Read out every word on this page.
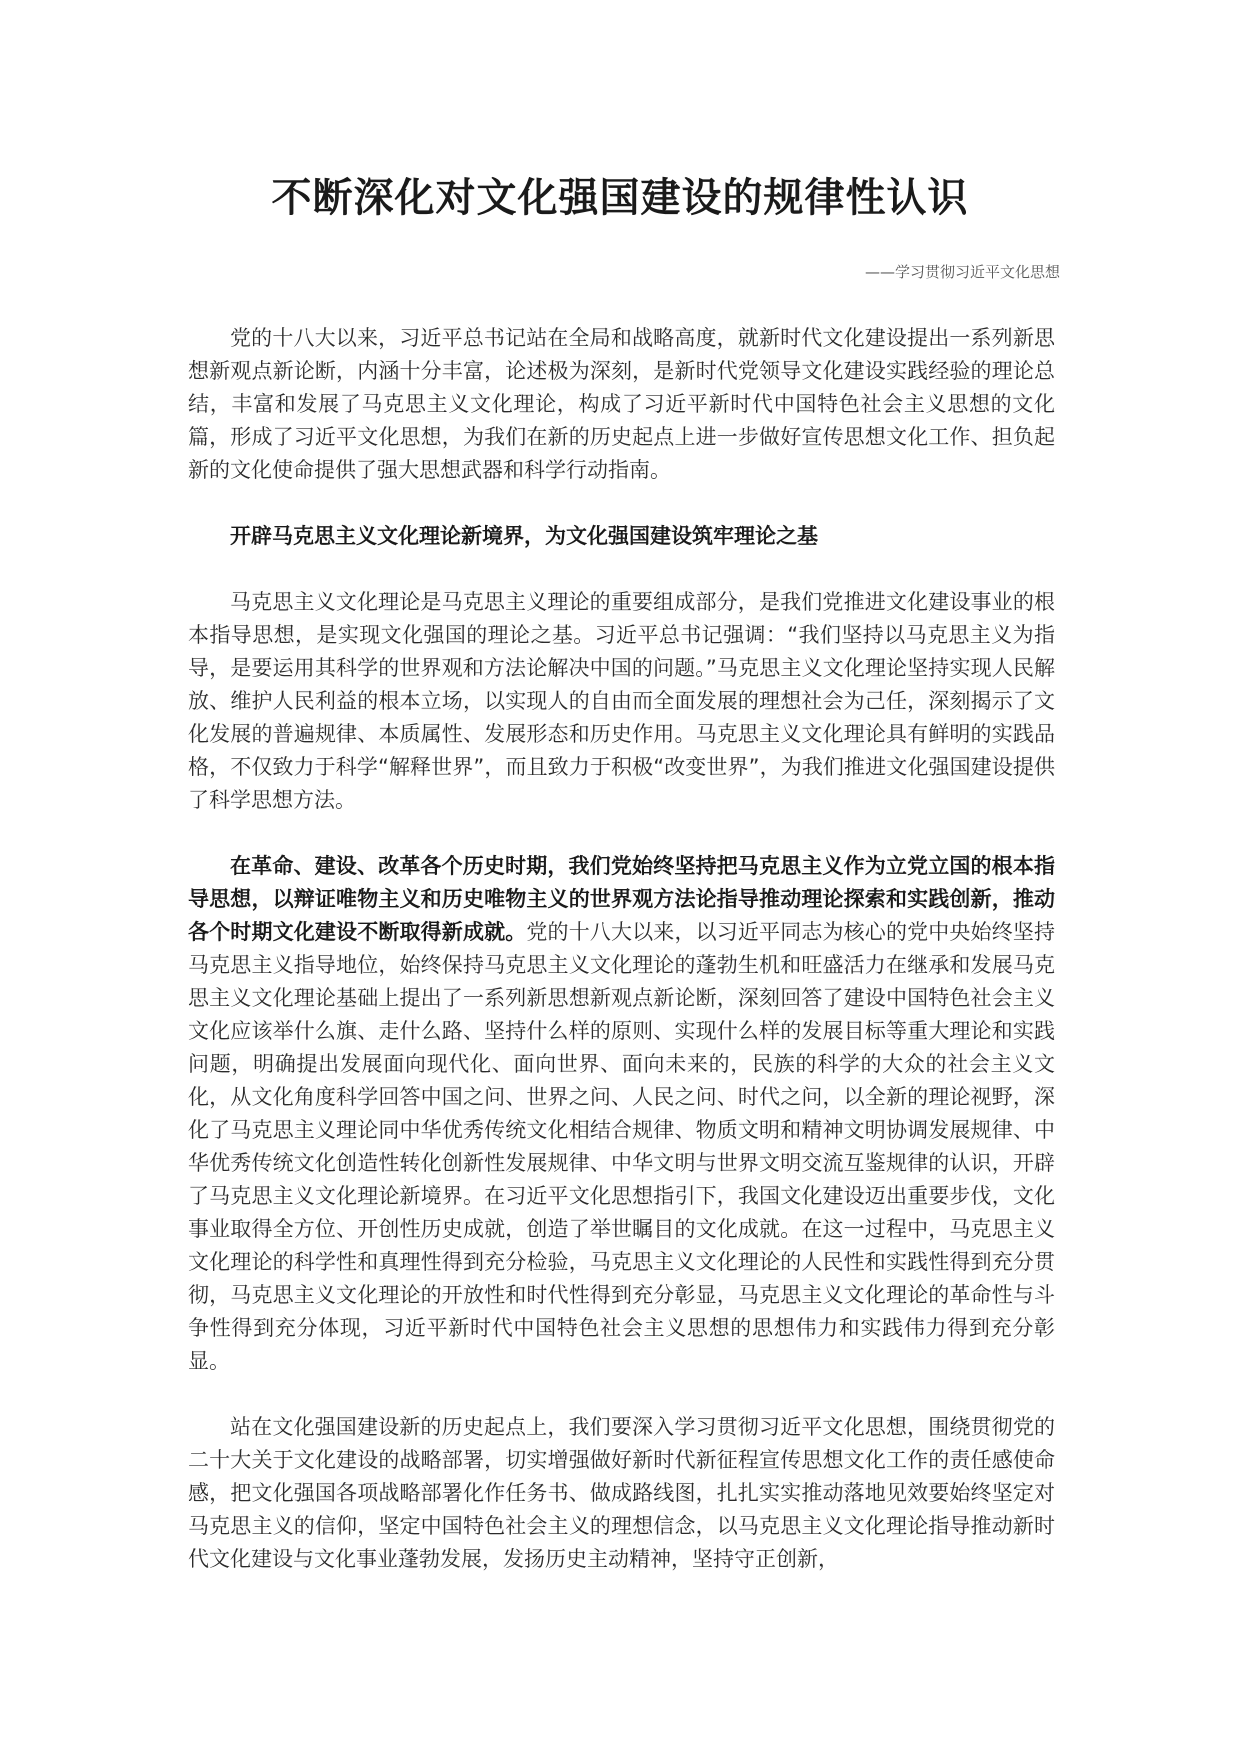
不断深化对文化强国建设的规律性认识

——学习贯彻习近平文化思想

党的十八大以来，习近平总书记站在全局和战略高度，就新时代文化建设提出一系列新思想新观点新论断，内涵十分丰富，论述极为深刻，是新时代党领导文化建设实践经验的理论总结，丰富和发展了马克思主义文化理论，构成了习近平新时代中国特色社会主义思想的文化篇，形成了习近平文化思想，为我们在新的历史起点上进一步做好宣传思想文化工作、担负起新的文化使命提供了强大思想武器和科学行动指南。

开辟马克思主义文化理论新境界，为文化强国建设筑牢理论之基

马克思主义文化理论是马克思主义理论的重要组成部分，是我们党推进文化建设事业的根本指导思想，是实现文化强国的理论之基。习近平总书记强调：“我们坚持以马克思主义为指导，是要运用其科学的世界观和方法论解决中国的问题。”马克思主义文化理论坚持实现人民解放、维护人民利益的根本立场，以实现人的自由而全面发展的理想社会为己任，深刻揭示了文化发展的普遍规律、本质属性、发展形态和历史作用。马克思主义文化理论具有鲜明的实践品格，不仅致力于科学“解释世界”，而且致力于积极“改变世界”，为我们推进文化强国建设提供了科学思想方法。

在革命、建设、改革各个历史时期，我们党始终坚持把马克思主义作为立党立国的根本指导思想，以辩证唯物主义和历史唯物主义的世界观方法论指导推动理论探索和实践创新，推动各个时期文化建设不断取得新成就。党的十八大以来，以习近平同志为核心的党中央始终坚持马克思主义指导地位，始终保持马克思主义文化理论的蓬勃生机和旺盛活力在继承和发展马克思主义文化理论基础上提出了一系列新思想新观点新论断，深刻回答了建设中国特色社会主义文化应该举什么旗、走什么路、坚持什么样的原则、实现什么样的发展目标等重大理论和实践问题，明确提出发展面向现代化、面向世界、面向未来的，民族的科学的大众的社会主义文化，从文化角度科学回答中国之问、世界之问、人民之问、时代之问，以全新的理论视野，深化了马克思主义理论同中华优秀传统文化相结合规律、物质文明和精神文明协调发展规律、中华优秀传统文化创造性转化创新性发展规律、中华文明与世界文明交流互鉴规律的认识，开辟了马克思主义文化理论新境界。在习近平文化思想指引下，我国文化建设迈出重要步伐，文化事业取得全方位、开创性历史成就，创造了举世瞩目的文化成就。在这一过程中，马克思主义文化理论的科学性和真理性得到充分检验，马克思主义文化理论的人民性和实践性得到充分贯彻，马克思主义文化理论的开放性和时代性得到充分彰显，马克思主义文化理论的革命性与斗争性得到充分体现，习近平新时代中国特色社会主义思想的思想伟力和实践伟力得到充分彰显。

站在文化强国建设新的历史起点上，我们要深入学习贯彻习近平文化思想，围绕贯彻党的二十大关于文化建设的战略部署，切实增强做好新时代新征程宣传思想文化工作的责任感使命感，把文化强国各项战略部署化作任务书、做成路线图，扎扎实实推动落地见效要始终坚定对马克思主义的信仰，坚定中国特色社会主义的理想信念，以马克思主义文化理论指导推动新时代文化建设与文化事业蓬勃发展，发扬历史主动精神，坚持守正创新，
